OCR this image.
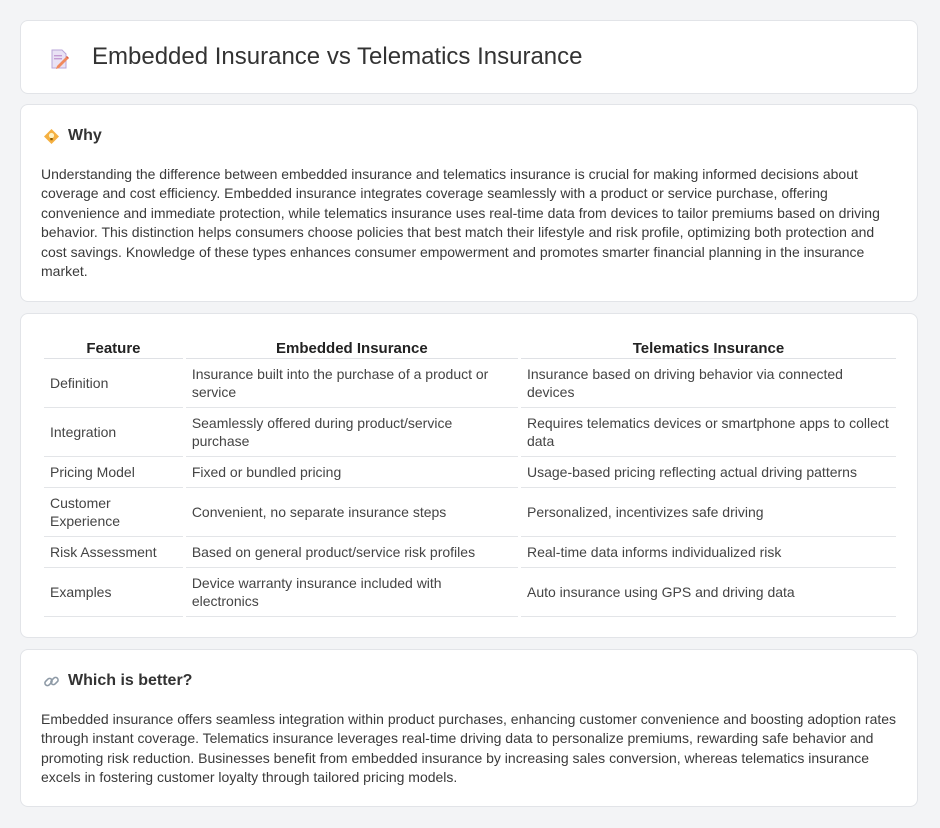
Embedded Insurance vs Telematics Insurance
Why

Understanding the difference between embedded insurance and telematics insurance is crucial for making informed decisions about coverage and cost efficiency. Embedded insurance integrates coverage seamlessly with a product or service purchase, offering convenience and immediate protection, while telematics insurance uses real-time data from devices to tailor premiums based on driving behavior. This distinction helps consumers choose policies that best match their lifestyle and risk profile, optimizing both protection and cost savings. Knowledge of these types enhances consumer empowerment and promotes smarter financial planning in the insurance market.

Feature	Embedded Insurance	Telematics Insurance
Definition	Insurance built into the purchase of a product or service	Insurance based on driving behavior via connected devices
Integration	Seamlessly offered during product/service purchase	Requires telematics devices or smartphone apps to collect data
Pricing Model	Fixed or bundled pricing	Usage-based pricing reflecting actual driving patterns
Customer Experience	Convenient, no separate insurance steps	Personalized, incentivizes safe driving
Risk Assessment	Based on general product/service risk profiles	Real-time data informs individualized risk
Examples	Device warranty insurance included with electronics	Auto insurance using GPS and driving data
Which is better?

Embedded insurance offers seamless integration within product purchases, enhancing customer convenience and boosting adoption rates through instant coverage. Telematics insurance leverages real-time driving data to personalize premiums, rewarding safe behavior and promoting risk reduction. Businesses benefit from embedded insurance by increasing sales conversion, whereas telematics insurance excels in fostering customer loyalty through tailored pricing models.
